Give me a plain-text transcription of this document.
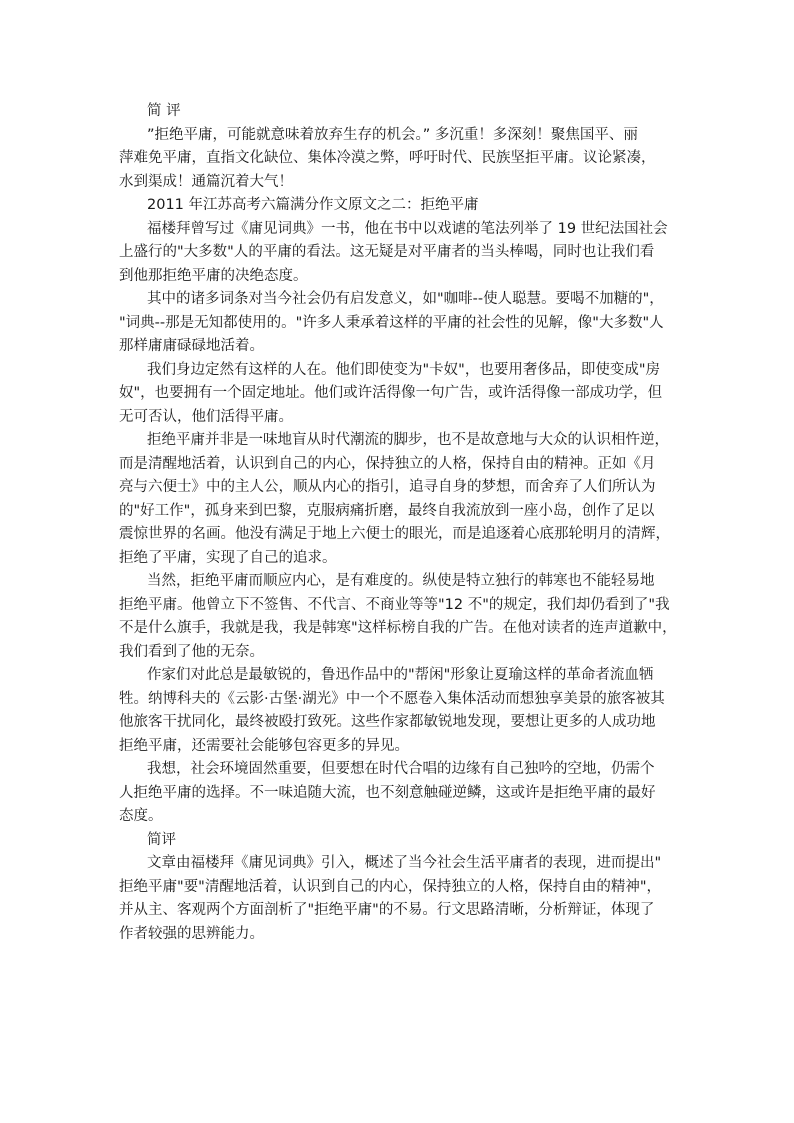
简 评
”拒绝平庸，可能就意味着放弃生存的机会。” 多沉重！多深刻！聚焦国平、丽
萍难免平庸，直指文化缺位、集体冷漠之弊，呼吁时代、民族坚拒平庸。议论紧凑，
水到渠成！通篇沉着大气！
2011 年江苏高考六篇满分作文原文之二：拒绝平庸
福楼拜曾写过《庸见词典》一书，他在书中以戏谑的笔法列举了 19 世纪法国社会
上盛行的"大多数"人的平庸的看法。这无疑是对平庸者的当头棒喝，同时也让我们看
到他那拒绝平庸的决绝态度。
其中的诸多词条对当今社会仍有启发意义，如"咖啡--使人聪慧。要喝不加糖的"，
"词典--那是无知都使用的。"许多人秉承着这样的平庸的社会性的见解，像"大多数"人
那样庸庸碌碌地活着。
我们身边定然有这样的人在。他们即使变为"卡奴"，也要用奢侈品，即使变成"房
奴"，也要拥有一个固定地址。他们或许活得像一句广告，或许活得像一部成功学，但
无可否认，他们活得平庸。
拒绝平庸并非是一味地盲从时代潮流的脚步，也不是故意地与大众的认识相忤逆，
而是清醒地活着，认识到自己的内心，保持独立的人格，保持自由的精神。正如《月
亮与六便士》中的主人公，顺从内心的指引，追寻自身的梦想，而舍弃了人们所认为
的"好工作"，孤身来到巴黎，克服病痛折磨，最终自我流放到一座小岛，创作了足以
震惊世界的名画。他没有满足于地上六便士的眼光，而是追逐着心底那轮明月的清辉，
拒绝了平庸，实现了自己的追求。
当然，拒绝平庸而顺应内心，是有难度的。纵使是特立独行的韩寒也不能轻易地
拒绝平庸。他曾立下不签售、不代言、不商业等等"12 不"的规定，我们却仍看到了"我
不是什么旗手，我就是我，我是韩寒"这样标榜自我的广告。在他对读者的连声道歉中，
我们看到了他的无奈。
作家们对此总是最敏锐的，鲁迅作品中的"帮闲"形象让夏瑜这样的革命者流血牺
牲。纳博科夫的《云影·古堡·湖光》中一个不愿卷入集体活动而想独享美景的旅客被其
他旅客干扰同化，最终被殴打致死。这些作家都敏锐地发现，要想让更多的人成功地
拒绝平庸，还需要社会能够包容更多的异见。
我想，社会环境固然重要，但要想在时代合唱的边缘有自己独吟的空地，仍需个
人拒绝平庸的选择。不一味追随大流，也不刻意触碰逆鳞，这或许是拒绝平庸的最好
态度。
简评
文章由福楼拜《庸见词典》引入，概述了当今社会生活平庸者的表现，进而提出"
拒绝平庸"要"清醒地活着，认识到自己的内心，保持独立的人格，保持自由的精神"，
并从主、客观两个方面剖析了"拒绝平庸"的不易。行文思路清晰，分析辩证，体现了
作者较强的思辨能力。
